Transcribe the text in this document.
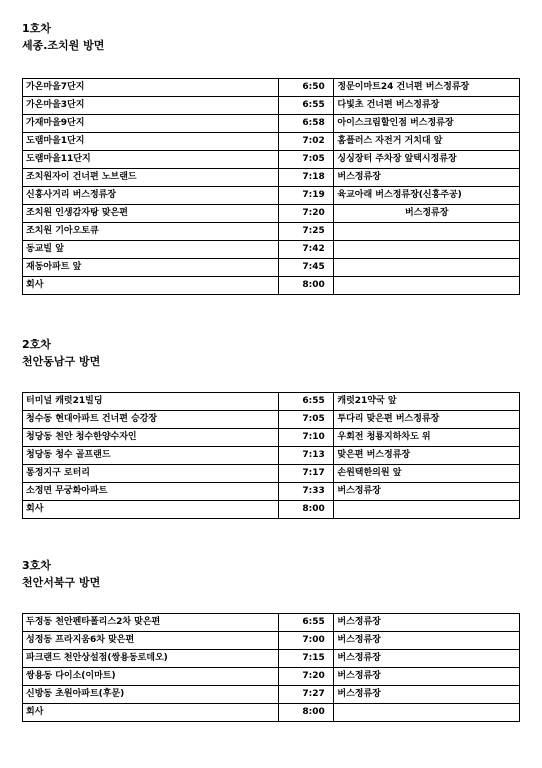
1호차

세종.조치원 방면

가온마을7단지	6:50	정문이마트24 건너편 버스정류장
가온마을3단지	6:55	다빛초 건너편 버스정류장
가재마을9단지	6:58	아이스크림할인점 버스정류장
도램마을1단지	7:02	홈플러스 자전거 거치대 앞
도램마을11단지	7:05	싱싱장터 주차장 앞택시정류장
조치원자이 건너편 노브랜드	7:18	버스정류장
신흥사거리 버스정류장	7:19	육교아래 버스정류장(신흥주공)
조치원 인생감자탕 맞은편	7:20	버스정류장
조치원 기아오토큐	7:25	
동교빌 앞	7:42	
재동아파트 앞	7:45	
회사	8:00	

2호차

천안동남구 방면

터미널 캐럿21빌딩	6:55	캐럿21약국 앞
청수동 현대아파트 건너편 승강장	7:05	투다리 맞은편 버스정류장
청당동 천안 청수한양수자인	7:10	우회전 청룡지하차도 위
청당동 청수 골프랜드	7:13	맞은편 버스정류장
통정지구 로터리	7:17	손원택한의원 앞
소정면 무궁화아파트	7:33	버스정류장
회사	8:00	

3호차

천안서북구 방면

두정동 천안펜타폴리스2차 맞은편	6:55	버스정류장
성정동 프라지움6차 맞은편	7:00	버스정류장
파크랜드 천안상설점(쌍용동로데오)	7:15	버스정류장
쌍용동 다이소(이마트)	7:20	버스정류장
신방동 초원아파트(후문)	7:27	버스정류장
회사	8:00	
